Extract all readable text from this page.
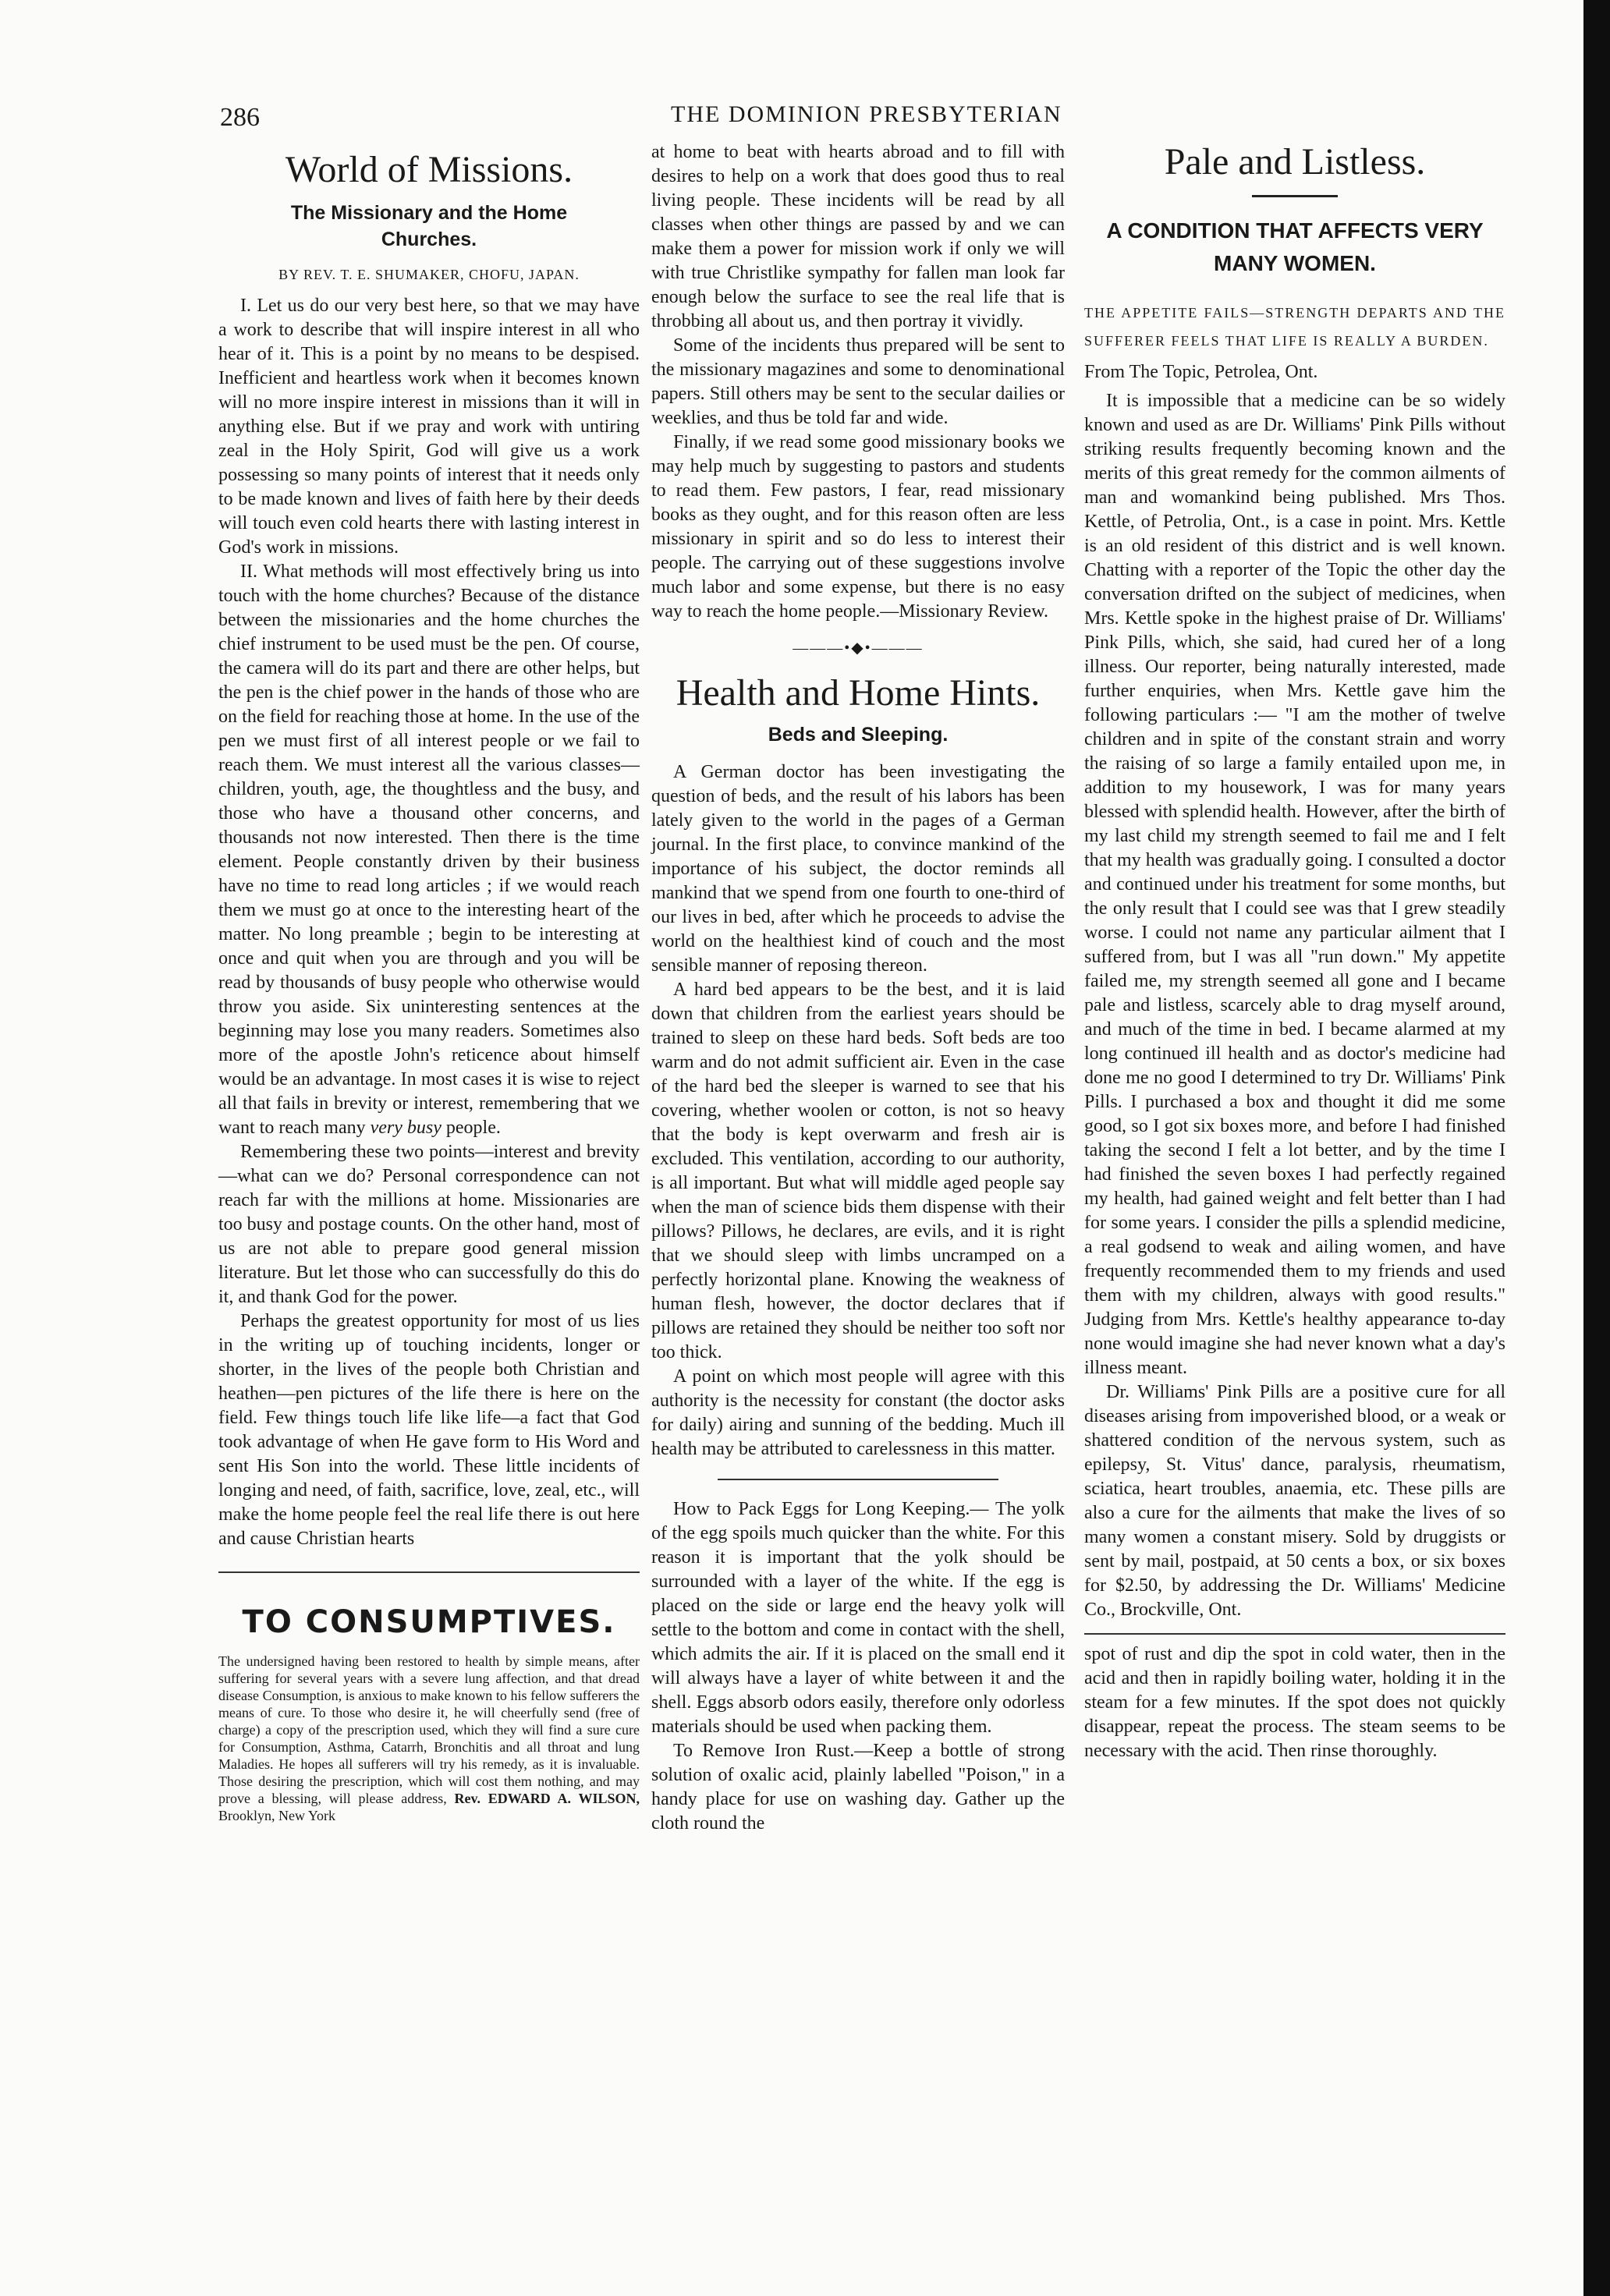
286	THE DOMINION PRESBYTERIAN
World of Missions.
The Missionary and the Home Churches.
BY REV. T. E. SHUMAKER, CHOFU, JAPAN.

I. Let us do our very best here, so that we may have a work to describe that will inspire interest in all who hear of it. This is a point by no means to be despised. Inefficient and heartless work when it becomes known will no more inspire interest in missions than it will in anything else. But if we pray and work with untiring zeal in the Holy Spirit, God will give us a work possessing so many points of interest that it needs only to be made known and lives of faith here by their deeds will touch even cold hearts there with lasting interest in God's work in missions.

II. What methods will most effectively bring us into touch with the home churches? Because of the distance between the missionaries and the home churches the chief instrument to be used must be the pen. Of course, the camera will do its part and there are other helps, but the pen is the chief power in the hands of those who are on the field for reaching those at home. In the use of the pen we must first of all interest people or we fail to reach them. We must interest all the various classes—children, youth, age, the thoughtless and the busy, and those who have a thousand other concerns, and thousands not now interested. Then there is the time element. People constantly driven by their business have no time to read long articles ; if we would reach them we must go at once to the interesting heart of the matter. No long preamble ; begin to be interesting at once and quit when you are through and you will be read by thousands of busy people who otherwise would throw you aside. Six uninteresting sentences at the beginning may lose you many readers. Sometimes also more of the apostle John's reticence about himself would be an advantage. In most cases it is wise to reject all that fails in brevity or interest, remembering that we want to reach many very busy people.

Remembering these two points—interest and brevity—what can we do? Personal correspondence can not reach far with the millions at home. Missionaries are too busy and postage counts. On the other hand, most of us are not able to prepare good general mission literature. But let those who can successfully do this do it, and thank God for the power.

Perhaps the greatest opportunity for most of us lies in the writing up of touching incidents, longer or shorter, in the lives of the people both Christian and heathen—pen pictures of the life there is here on the field. Few things touch life like life—a fact that God took advantage of when He gave form to His Word and sent His Son into the world. These little incidents of longing and need, of faith, sacrifice, love, zeal, etc., will make the home people feel the real life there is out here and cause Christian hearts

TO CONSUMPTIVES.
The undersigned having been restored to health by simple means, after suffering for several years with a severe lung affection, and that dread disease Consumption, is anxious to make known to his fellow sufferers the means of cure. To those who desire it, he will cheerfully send (free of charge) a copy of the prescription used, which they will find a sure cure for Consumption, Asthma, Catarrh, Bronchitis and all throat and lung Maladies. He hopes all sufferers will try his remedy, as it is invaluable. Those desiring the prescription, which will cost them nothing, and may prove a blessing, will please address, Rev. EDWARD A. WILSON, Brooklyn, New York

at home to beat with hearts abroad and to fill with desires to help on a work that does good thus to real living people. These incidents will be read by all classes when other things are passed by and we can make them a power for mission work if only we will with true Christlike sympathy for fallen man look far enough below the surface to see the real life that is throbbing all about us, and then portray it vividly.

Some of the incidents thus prepared will be sent to the missionary magazines and some to denominational papers. Still others may be sent to the secular dailies or weeklies, and thus be told far and wide.

Finally, if we read some good missionary books we may help much by suggesting to pastors and students to read them. Few pastors, I fear, read missionary books as they ought, and for this reason often are less missionary in spirit and so do less to interest their people. The carrying out of these suggestions involve much labor and some expense, but there is no easy way to reach the home people.—Missionary Review.

———•◆•———
Health and Home Hints.
Beds and Sleeping.

A German doctor has been investigating the question of beds, and the result of his labors has been lately given to the world in the pages of a German journal. In the first place, to convince mankind of the importance of his subject, the doctor reminds all mankind that we spend from one fourth to one-third of our lives in bed, after which he proceeds to advise the world on the healthiest kind of couch and the most sensible manner of reposing thereon.

A hard bed appears to be the best, and it is laid down that children from the earliest years should be trained to sleep on these hard beds. Soft beds are too warm and do not admit sufficient air. Even in the case of the hard bed the sleeper is warned to see that his covering, whether woolen or cotton, is not so heavy that the body is kept overwarm and fresh air is excluded. This ventilation, according to our authority, is all important. But what will middle aged people say when the man of science bids them dispense with their pillows? Pillows, he declares, are evils, and it is right that we should sleep with limbs uncramped on a perfectly horizontal plane. Knowing the weakness of human flesh, however, the doctor declares that if pillows are retained they should be neither too soft nor too thick.

A point on which most people will agree with this authority is the necessity for constant (the doctor asks for daily) airing and sunning of the bedding. Much ill health may be attributed to carelessness in this matter.

How to Pack Eggs for Long Keeping.— The yolk of the egg spoils much quicker than the white. For this reason it is important that the yolk should be surrounded with a layer of the white. If the egg is placed on the side or large end the heavy yolk will settle to the bottom and come in contact with the shell, which admits the air. If it is placed on the small end it will always have a layer of white between it and the shell. Eggs absorb odors easily, therefore only odorless materials should be used when packing them.

To Remove Iron Rust.—Keep a bottle of strong solution of oxalic acid, plainly labelled "Poison," in a handy place for use on washing day. Gather up the cloth round the

Pale and Listless.
A CONDITION THAT AFFECTS VERY MANY WOMEN.
THE APPETITE FAILS—STRENGTH DEPARTS AND THE SUFFERER FEELS THAT LIFE IS REALLY A BURDEN.
From The Topic, Petrolea, Ont.

It is impossible that a medicine can be so widely known and used as are Dr. Williams' Pink Pills without striking results frequently becoming known and the merits of this great remedy for the common ailments of man and womankind being published. Mrs Thos. Kettle, of Petrolia, Ont., is a case in point. Mrs. Kettle is an old resident of this district and is well known. Chatting with a reporter of the Topic the other day the conversation drifted on the subject of medicines, when Mrs. Kettle spoke in the highest praise of Dr. Williams' Pink Pills, which, she said, had cured her of a long illness. Our reporter, being naturally interested, made further enquiries, when Mrs. Kettle gave him the following particulars :— "I am the mother of twelve children and in spite of the constant strain and worry the raising of so large a family entailed upon me, in addition to my housework, I was for many years blessed with splendid health. However, after the birth of my last child my strength seemed to fail me and I felt that my health was gradually going. I consulted a doctor and continued under his treatment for some months, but the only result that I could see was that I grew steadily worse. I could not name any particular ailment that I suffered from, but I was all "run down." My appetite failed me, my strength seemed all gone and I became pale and listless, scarcely able to drag myself around, and much of the time in bed. I became alarmed at my long continued ill health and as doctor's medicine had done me no good I determined to try Dr. Williams' Pink Pills. I purchased a box and thought it did me some good, so I got six boxes more, and before I had finished taking the second I felt a lot better, and by the time I had finished the seven boxes I had perfectly regained my health, had gained weight and felt better than I had for some years. I consider the pills a splendid medicine, a real godsend to weak and ailing women, and have frequently recommended them to my friends and used them with my children, always with good results." Judging from Mrs. Kettle's healthy appearance to-day none would imagine she had never known what a day's illness meant.

Dr. Williams' Pink Pills are a positive cure for all diseases arising from impoverished blood, or a weak or shattered condition of the nervous system, such as epilepsy, St. Vitus' dance, paralysis, rheumatism, sciatica, heart troubles, anaemia, etc. These pills are also a cure for the ailments that make the lives of so many women a constant misery. Sold by druggists or sent by mail, postpaid, at 50 cents a box, or six boxes for $2.50, by addressing the Dr. Williams' Medicine Co., Brockville, Ont.

spot of rust and dip the spot in cold water, then in the acid and then in rapidly boiling water, holding it in the steam for a few minutes. If the spot does not quickly disappear, repeat the process. The steam seems to be necessary with the acid. Then rinse thoroughly.
